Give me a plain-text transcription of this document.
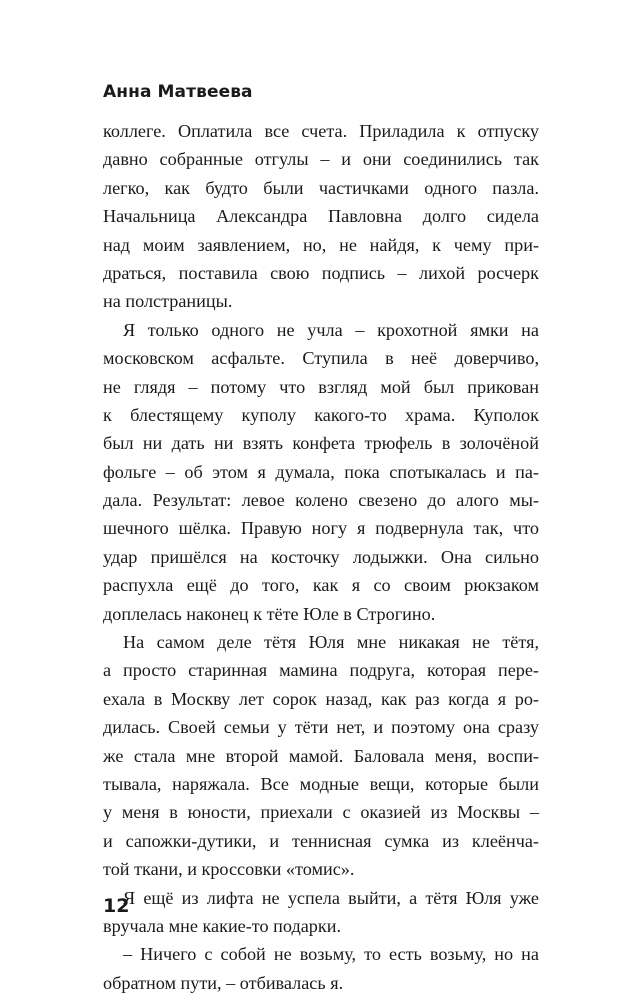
Анна Матвеева
коллеге. Оплатила все счета. Приладила к отпуску
давно собранные отгулы – и они соединились так
легко, как будто были частичками одного пазла.
Начальница Александра Павловна долго сидела
над моим заявлением, но, не найдя, к чему при-
драться, поставила свою подпись – лихой росчерк
на полстраницы.
Я только одного не учла – крохотной ямки на
московском асфальте. Ступила в неё доверчиво,
не глядя – потому что взгляд мой был прикован
к блестящему куполу какого-то храма. Куполок
был ни дать ни взять конфета трюфель в золочёной
фольге – об этом я думала, пока спотыкалась и па-
дала. Результат: левое колено свезено до алого мы-
шечного шёлка. Правую ногу я подвернула так, что
удар пришёлся на косточку лодыжки. Она сильно
распухла ещё до того, как я со своим рюкзаком
доплелась наконец к тёте Юле в Строгино.
На самом деле тётя Юля мне никакая не тётя,
а просто старинная мамина подруга, которая пере-
ехала в Москву лет сорок назад, как раз когда я ро-
дилась. Своей семьи у тёти нет, и поэтому она сразу
же стала мне второй мамой. Баловала меня, воспи-
тывала, наряжала. Все модные вещи, которые были
у меня в юности, приехали с оказией из Москвы –
и сапожки-дутики, и теннисная сумка из клеёнча-
той ткани, и кроссовки «томис».
Я ещё из лифта не успела выйти, а тётя Юля уже
вручала мне какие-то подарки.
– Ничего с собой не возьму, то есть возьму, но на
обратном пути, – отбивалась я.
12
